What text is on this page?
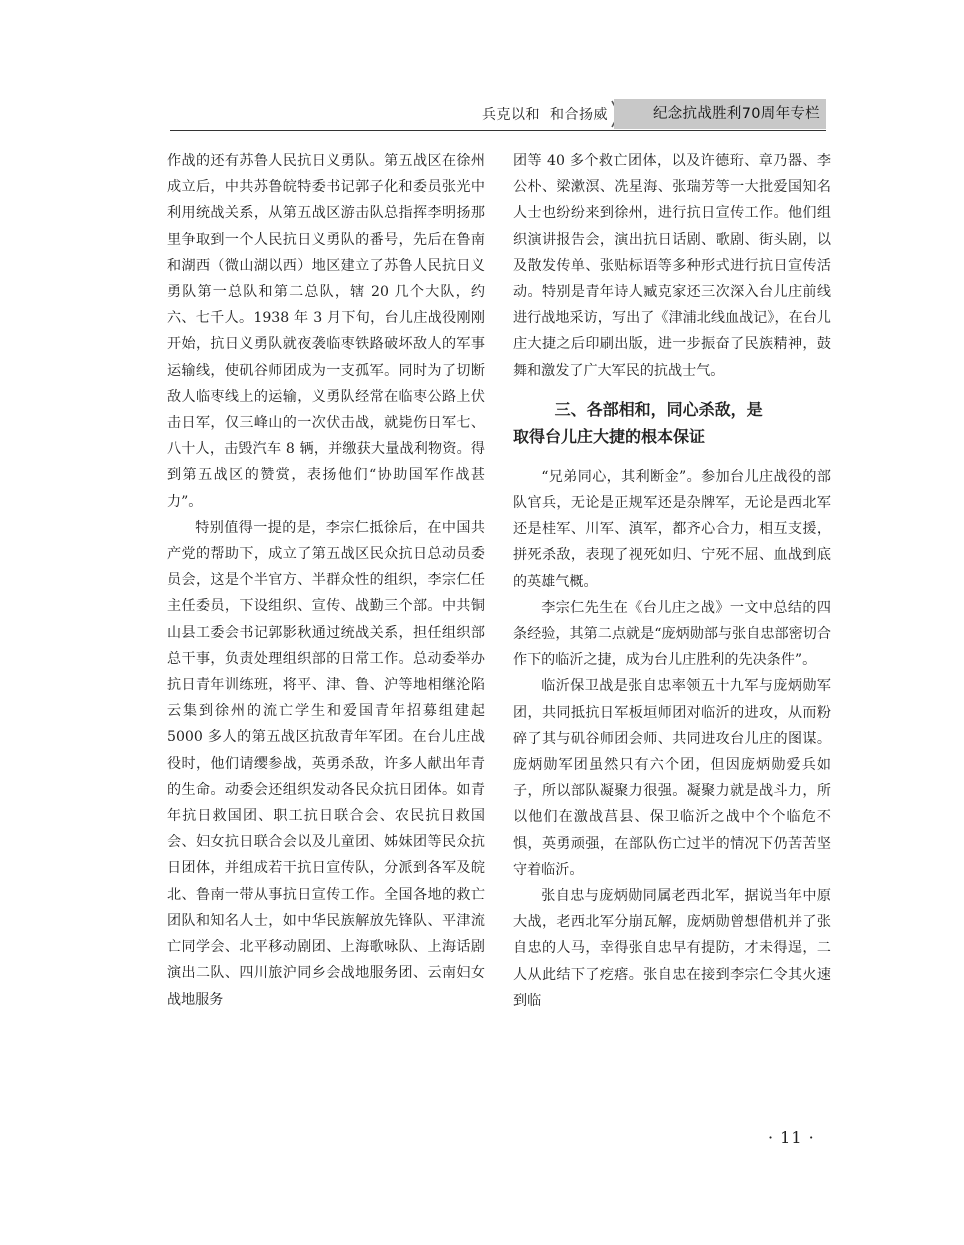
兵克以和 和合扬威	纪念抗战胜利70周年专栏

作战的还有苏鲁人民抗日义勇队。第五战区在徐州成立后，中共苏鲁皖特委书记郭子化和委员张光中利用统战关系，从第五战区游击队总指挥李明扬那里争取到一个人民抗日义勇队的番号，先后在鲁南和湖西（微山湖以西）地区建立了苏鲁人民抗日义勇队第一总队和第二总队，辖 20 几个大队，约六、七千人。1938 年 3 月下旬，台儿庄战役刚刚开始，抗日义勇队就夜袭临枣铁路破坏敌人的军事运输线，使矶谷师团成为一支孤军。同时为了切断敌人临枣线上的运输，义勇队经常在临枣公路上伏击日军，仅三峰山的一次伏击战，就毙伤日军七、八十人，击毁汽车 8 辆，并缴获大量战利物资。得到第五战区的赞赏，表扬他们“协助国军作战甚力”。

特别值得一提的是，李宗仁抵徐后，在中国共产党的帮助下，成立了第五战区民众抗日总动员委员会，这是个半官方、半群众性的组织，李宗仁任主任委员，下设组织、宣传、战勤三个部。中共铜山县工委会书记郭影秋通过统战关系，担任组织部总干事，负责处理组织部的日常工作。总动委举办抗日青年训练班，将平、津、鲁、沪等地相继沦陷云集到徐州的流亡学生和爱国青年招募组建起 5000 多人的第五战区抗敌青年军团。在台儿庄战役时，他们请缨参战，英勇杀敌，许多人献出年青的生命。动委会还组织发动各民众抗日团体。如青年抗日救国团、职工抗日联合会、农民抗日救国会、妇女抗日联合会以及儿童团、姊妹团等民众抗日团体，并组成若干抗日宣传队，分派到各军及皖北、鲁南一带从事抗日宣传工作。全国各地的救亡团队和知名人士，如中华民族解放先锋队、平津流亡同学会、北平移动剧团、上海歌咏队、上海话剧演出二队、四川旅沪同乡会战地服务团、云南妇女战地服务

团等 40 多个救亡团体，以及许德珩、章乃器、李公朴、梁漱溟、冼星海、张瑞芳等一大批爱国知名人士也纷纷来到徐州，进行抗日宣传工作。他们组织演讲报告会，演出抗日话剧、歌剧、街头剧，以及散发传单、张贴标语等多种形式进行抗日宣传活动。特别是青年诗人臧克家还三次深入台儿庄前线进行战地采访，写出了《津浦北线血战记》，在台儿庄大捷之后印刷出版，进一步振奋了民族精神，鼓舞和激发了广大军民的抗战士气。

三、各部相和，同心杀敌，是
取得台儿庄大捷的根本保证

“兄弟同心，其利断金”。参加台儿庄战役的部队官兵，无论是正规军还是杂牌军，无论是西北军还是桂军、川军、滇军，都齐心合力，相互支援，拼死杀敌，表现了视死如归、宁死不屈、血战到底的英雄气概。

李宗仁先生在《台儿庄之战》一文中总结的四条经验，其第二点就是“庞炳勋部与张自忠部密切合作下的临沂之捷，成为台儿庄胜利的先决条件”。

临沂保卫战是张自忠率领五十九军与庞炳勋军团，共同抵抗日军板垣师团对临沂的进攻，从而粉碎了其与矶谷师团会师、共同进攻台儿庄的图谋。庞炳勋军团虽然只有六个团，但因庞炳勋爱兵如子，所以部队凝聚力很强。凝聚力就是战斗力，所以他们在激战莒县、保卫临沂之战中个个临危不惧，英勇顽强，在部队伤亡过半的情况下仍苦苦坚守着临沂。

张自忠与庞炳勋同属老西北军，据说当年中原大战，老西北军分崩瓦解，庞炳勋曾想借机并了张自忠的人马，幸得张自忠早有提防，才未得逞，二人从此结下了疙瘩。张自忠在接到李宗仁令其火速到临

· 11 ·
